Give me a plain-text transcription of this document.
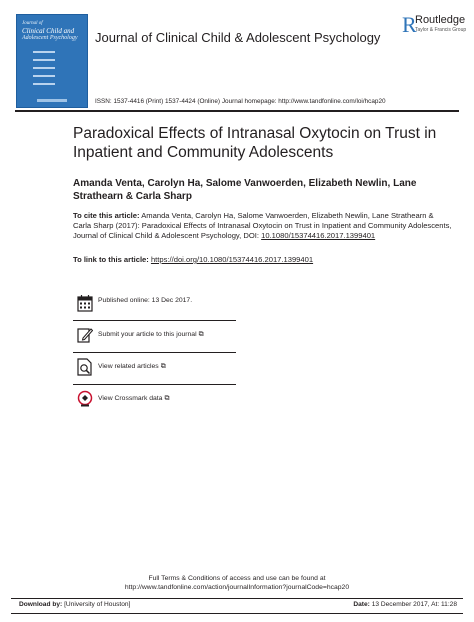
Journal of
Clinical Child and
Adolescent Psychology Journal of Clinical Child & Adolescent Psychology
R
Routledge
Taylor & Francis Group
ISSN: 1537-4416 (Print) 1537-4424 (Online) Journal homepage: http://www.tandfonline.com/loi/hcap20
Paradoxical Effects of Intranasal Oxytocin on Trust in Inpatient and Community Adolescents
Amanda Venta, Carolyn Ha, Salome Vanwoerden, Elizabeth Newlin, Lane Strathearn & Carla Sharp
To cite this article: Amanda Venta, Carolyn Ha, Salome Vanwoerden, Elizabeth Newlin, Lane Strathearn & Carla Sharp (2017): Paradoxical Effects of Intranasal Oxytocin on Trust in Inpatient and Community Adolescents, Journal of Clinical Child & Adolescent Psychology, DOI: 10.1080/15374416.2017.1399401
To link to this article: https://doi.org/10.1080/15374416.2017.1399401
Published online: 13 Dec 2017.
Submit your article to this journal ⧉
View related articles ⧉
View Crossmark data ⧉
Full Terms & Conditions of access and use can be found at
http://www.tandfonline.com/action/journalInformation?journalCode=hcap20
Download by: [University of Houston]	Date: 13 December 2017, At: 11:28
